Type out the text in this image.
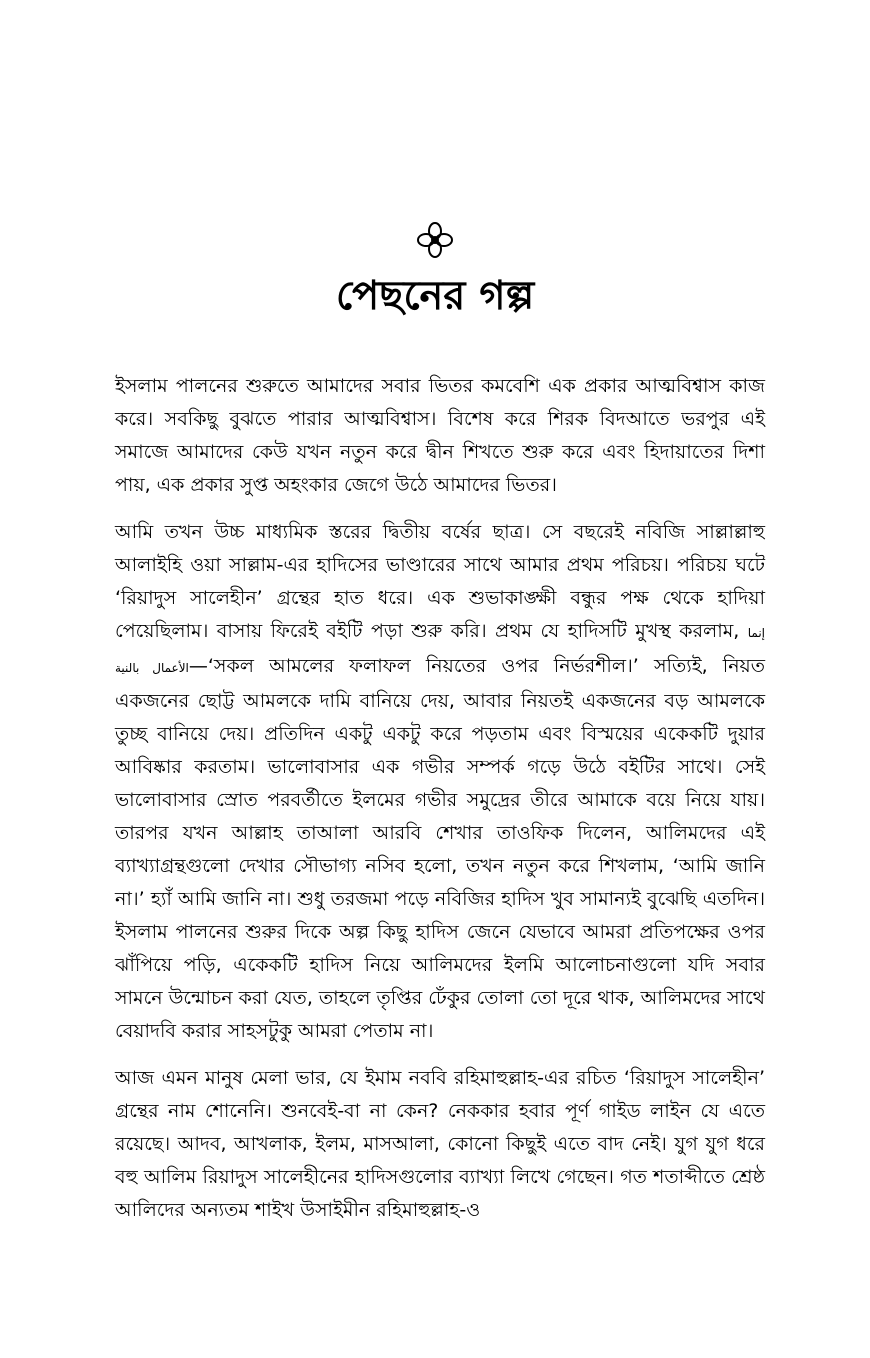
পেছনের গল্প

ইসলাম পালনের শুরুতে আমাদের সবার ভিতর কমবেশি এক প্রকার আত্মবিশ্বাস কাজ করে। সবকিছু বুঝতে পারার আত্মবিশ্বাস। বিশেষ করে শিরক বিদআতে ভরপুর এই সমাজে আমাদের কেউ যখন নতুন করে দ্বীন শিখতে শুরু করে এবং হিদায়াতের দিশা পায়, এক প্রকার সুপ্ত অহংকার জেগে উঠে আমাদের ভিতর।

আমি তখন উচ্চ মাধ্যমিক স্তরের দ্বিতীয় বর্ষের ছাত্র। সে বছরেই নবিজি সাল্লাল্লাহু আলাইহি ওয়া সাল্লাম-এর হাদিসের ভাণ্ডারের সাথে আমার প্রথম পরিচয়। পরিচয় ঘটে ‘রিয়াদুস সালেহীন’ গ্রন্থের হাত ধরে। এক শুভাকাঙ্ক্ষী বন্ধুর পক্ষ থেকে হাদিয়া পেয়েছিলাম। বাসায় ফিরেই বইটি পড়া শুরু করি। প্রথম যে হাদিসটি মুখস্থ করলাম, إنما الأعمال بالنية—‘সকল আমলের ফলাফল নিয়তের ওপর নির্ভরশীল।’ সত্যিই, নিয়ত একজনের ছোট্ট আমলকে দামি বানিয়ে দেয়, আবার নিয়তই একজনের বড় আমলকে তুচ্ছ বানিয়ে দেয়। প্রতিদিন একটু একটু করে পড়তাম এবং বিস্ময়ের একেকটি দুয়ার আবিষ্কার করতাম। ভালোবাসার এক গভীর সম্পর্ক গড়ে উঠে বইটির সাথে। সেই ভালোবাসার স্রোত পরবর্তীতে ইলমের গভীর সমুদ্রের তীরে আমাকে বয়ে নিয়ে যায়। তারপর যখন আল্লাহ তাআলা আরবি শেখার তাওফিক দিলেন, আলিমদের এই ব্যাখ্যাগ্রন্থগুলো দেখার সৌভাগ্য নসিব হলো, তখন নতুন করে শিখলাম, ‘আমি জানি না।’ হ্যাঁ আমি জানি না। শুধু তরজমা পড়ে নবিজির হাদিস খুব সামান্যই বুঝেছি এতদিন। ইসলাম পালনের শুরুর দিকে অল্প কিছু হাদিস জেনে যেভাবে আমরা প্রতিপক্ষের ওপর ঝাঁপিয়ে পড়ি, একেকটি হাদিস নিয়ে আলিমদের ইলমি আলোচনাগুলো যদি সবার সামনে উন্মোচন করা যেত, তাহলে তৃপ্তির ঢেঁকুর তোলা তো দূরে থাক, আলিমদের সাথে বেয়াদবি করার সাহসটুকু আমরা পেতাম না।

আজ এমন মানুষ মেলা ভার, যে ইমাম নববি রহিমাহুল্লাহ-এর রচিত ‘রিয়াদুস সালেহীন’ গ্রন্থের নাম শোনেনি। শুনবেই-বা না কেন? নেককার হবার পূর্ণ গাইড লাইন যে এতে রয়েছে। আদব, আখলাক, ইলম, মাসআলা, কোনো কিছুই এতে বাদ নেই। যুগ যুগ ধরে বহু আলিম রিয়াদুস সালেহীনের হাদিসগুলোর ব্যাখ্যা লিখে গেছেন। গত শতাব্দীতে শ্রেষ্ঠ আলিদের অন্যতম শাইখ উসাইমীন রহিমাহুল্লাহ-ও
